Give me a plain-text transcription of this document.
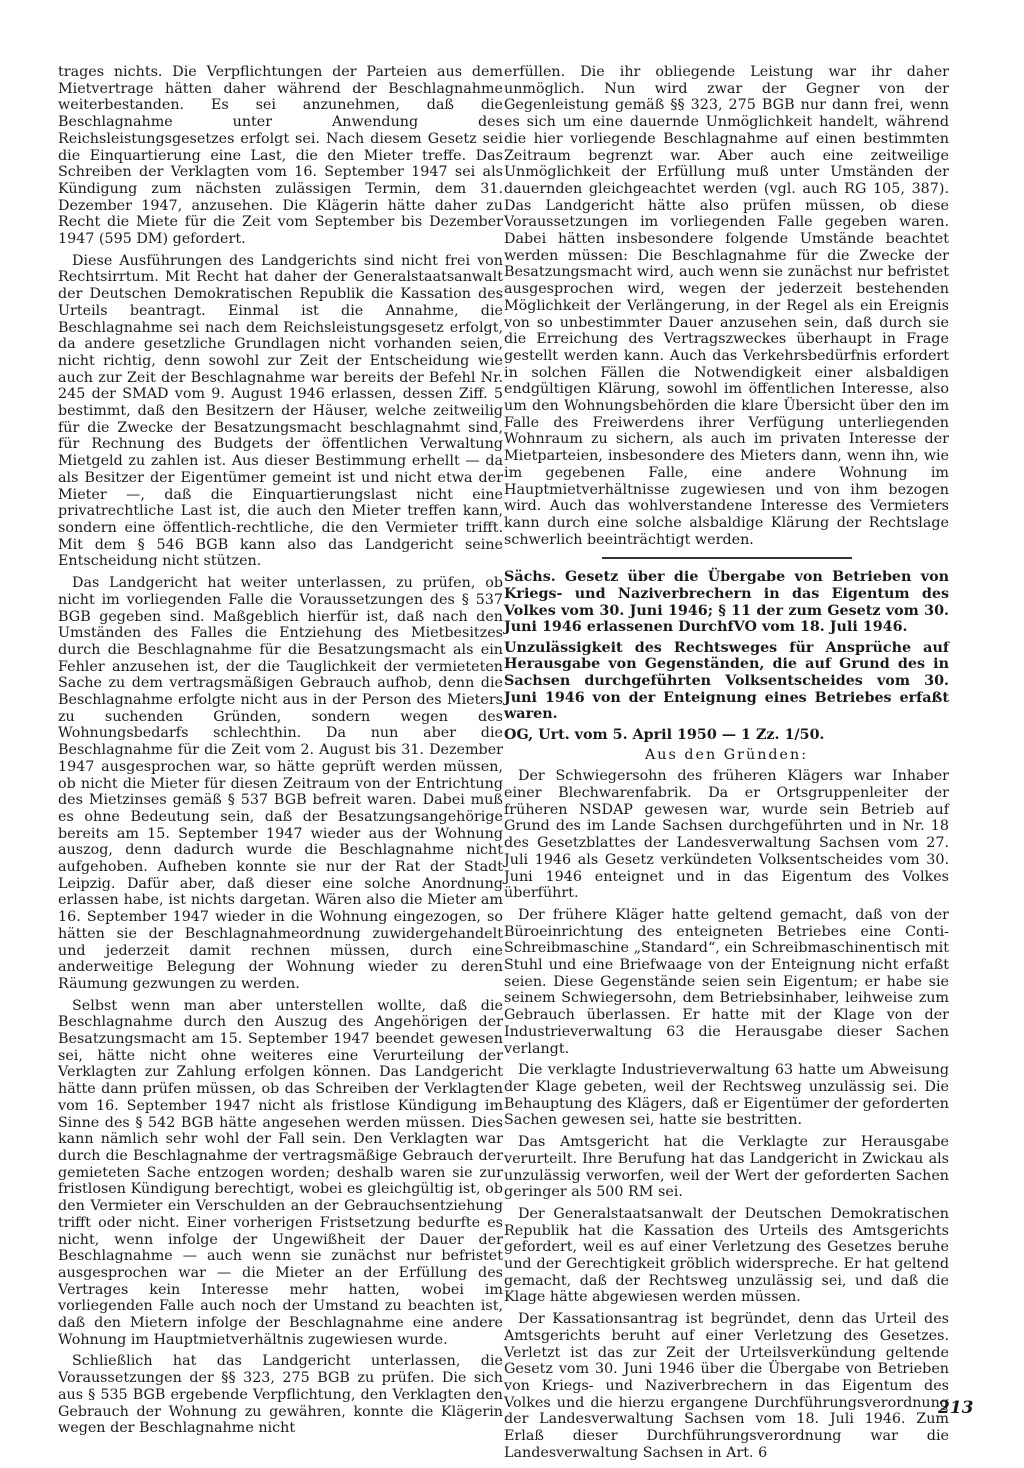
trages nichts. Die Verpflichtungen der Parteien aus dem Mietvertrage hätten daher während der Beschlagnahme weiterbestanden. Es sei anzunehmen, daß die Beschlagnahme unter Anwendung des Reichsleistungsgesetzes erfolgt sei. Nach diesem Gesetz sei die Einquartierung eine Last, die den Mieter treffe. Das Schreiben der Verklagten vom 16. September 1947 sei als Kündigung zum nächsten zulässigen Termin, dem 31. Dezember 1947, anzusehen. Die Klägerin hätte daher zu Recht die Miete für die Zeit vom September bis Dezember 1947 (595 DM) gefordert.

Diese Ausführungen des Landgerichts sind nicht frei von Rechtsirrtum. Mit Recht hat daher der Generalstaatsanwalt der Deutschen Demokratischen Republik die Kassation des Urteils beantragt. Einmal ist die Annahme, die Beschlagnahme sei nach dem Reichsleistungsgesetz erfolgt, da andere gesetzliche Grundlagen nicht vorhanden seien, nicht richtig, denn sowohl zur Zeit der Entscheidung wie auch zur Zeit der Beschlagnahme war bereits der Befehl Nr. 245 der SMAD vom 9. August 1946 erlassen, dessen Ziff. 5 bestimmt, daß den Besitzern der Häuser, welche zeitweilig für die Zwecke der Besatzungsmacht beschlagnahmt sind, für Rechnung des Budgets der öffentlichen Verwaltung Mietgeld zu zahlen ist. Aus dieser Bestimmung erhellt — da als Besitzer der Eigentümer gemeint ist und nicht etwa der Mieter —, daß die Einquartierungslast nicht eine privatrechtliche Last ist, die auch den Mieter treffen kann, sondern eine öffentlich-rechtliche, die den Vermieter trifft. Mit dem § 546 BGB kann also das Landgericht seine Entscheidung nicht stützen.

Das Landgericht hat weiter unterlassen, zu prüfen, ob nicht im vorliegenden Falle die Voraussetzungen des § 537 BGB gegeben sind. Maßgeblich hierfür ist, daß nach den Umständen des Falles die Entziehung des Mietbesitzes durch die Beschlagnahme für die Besatzungsmacht als ein Fehler anzusehen ist, der die Tauglichkeit der vermieteten Sache zu dem vertragsmäßigen Gebrauch aufhob, denn die Beschlagnahme erfolgte nicht aus in der Person des Mieters zu suchenden Gründen, sondern wegen des Wohnungsbedarfs schlechthin. Da nun aber die Beschlagnahme für die Zeit vom 2. August bis 31. Dezember 1947 ausgesprochen war, so hätte geprüft werden müssen, ob nicht die Mieter für diesen Zeitraum von der Entrichtung des Mietzinses gemäß § 537 BGB befreit waren. Dabei muß es ohne Bedeutung sein, daß der Besatzungsangehörige bereits am 15. September 1947 wieder aus der Wohnung auszog, denn dadurch wurde die Beschlagnahme nicht aufgehoben. Aufheben konnte sie nur der Rat der Stadt Leipzig. Dafür aber, daß dieser eine solche Anordnung erlassen habe, ist nichts dargetan. Wären also die Mieter am 16. September 1947 wieder in die Wohnung eingezogen, so hätten sie der Beschlagnahmeordnung zuwidergehandelt und jederzeit damit rechnen müssen, durch eine anderweitige Belegung der Wohnung wieder zu deren Räumung gezwungen zu werden.

Selbst wenn man aber unterstellen wollte, daß die Beschlagnahme durch den Auszug des Angehörigen der Besatzungsmacht am 15. September 1947 beendet gewesen sei, hätte nicht ohne weiteres eine Verurteilung der Verklagten zur Zahlung erfolgen können. Das Landgericht hätte dann prüfen müssen, ob das Schreiben der Verklagten vom 16. September 1947 nicht als fristlose Kündigung im Sinne des § 542 BGB hätte angesehen werden müssen. Dies kann nämlich sehr wohl der Fall sein. Den Verklagten war durch die Beschlagnahme der vertragsmäßige Gebrauch der gemieteten Sache entzogen worden; deshalb waren sie zur fristlosen Kündigung berechtigt, wobei es gleichgültig ist, ob den Vermieter ein Verschulden an der Gebrauchsentziehung trifft oder nicht. Einer vorherigen Fristsetzung bedurfte es nicht, wenn infolge der Ungewißheit der Dauer der Beschlagnahme — auch wenn sie zunächst nur befristet ausgesprochen war — die Mieter an der Erfüllung des Vertrages kein Interesse mehr hatten, wobei im vorliegenden Falle auch noch der Umstand zu beachten ist, daß den Mietern infolge der Beschlagnahme eine andere Wohnung im Hauptmietverhältnis zugewiesen wurde.

Schließlich hat das Landgericht unterlassen, die Voraussetzungen der §§ 323, 275 BGB zu prüfen. Die sich aus § 535 BGB ergebende Verpflichtung, den Verklagten den Gebrauch der Wohnung zu gewähren, konnte die Klägerin wegen der Beschlagnahme nicht

erfüllen. Die ihr obliegende Leistung war ihr daher unmöglich. Nun wird zwar der Gegner von der Gegenleistung gemäß §§ 323, 275 BGB nur dann frei, wenn es sich um eine dauernde Unmöglichkeit handelt, während die hier vorliegende Beschlagnahme auf einen bestimmten Zeitraum begrenzt war. Aber auch eine zeitweilige Unmöglichkeit der Erfüllung muß unter Umständen der dauernden gleichgeachtet werden (vgl. auch RG 105, 387). Das Landgericht hätte also prüfen müssen, ob diese Voraussetzungen im vorliegenden Falle gegeben waren. Dabei hätten insbesondere folgende Umstände beachtet werden müssen: Die Beschlagnahme für die Zwecke der Besatzungsmacht wird, auch wenn sie zunächst nur befristet ausgesprochen wird, wegen der jederzeit bestehenden Möglichkeit der Verlängerung, in der Regel als ein Ereignis von so unbestimmter Dauer anzusehen sein, daß durch sie die Erreichung des Vertragszweckes überhaupt in Frage gestellt werden kann. Auch das Verkehrsbedürfnis erfordert in solchen Fällen die Notwendigkeit einer alsbaldigen endgültigen Klärung, sowohl im öffentlichen Interesse, also um den Wohnungsbehörden die klare Übersicht über den im Falle des Freiwerdens ihrer Verfügung unterliegenden Wohnraum zu sichern, als auch im privaten Interesse der Mietparteien, insbesondere des Mieters dann, wenn ihn, wie im gegebenen Falle, eine andere Wohnung im Hauptmietverhältnisse zugewiesen und von ihm bezogen wird. Auch das wohlverstandene Interesse des Vermieters kann durch eine solche alsbaldige Klärung der Rechtslage schwerlich beeinträchtigt werden.

Sächs. Gesetz über die Übergabe von Betrieben von Kriegs- und Naziverbrechern in das Eigentum des Volkes vom 30. Juni 1946; § 11 der zum Gesetz vom 30. Juni 1946 erlassenen DurchfVO vom 18. Juli 1946.

Unzulässigkeit des Rechtsweges für Ansprüche auf Herausgabe von Gegenständen, die auf Grund des in Sachsen durchgeführten Volksentscheides vom 30. Juni 1946 von der Enteignung eines Betriebes erfaßt waren.

OG, Urt. vom 5. April 1950 — 1 Zz. 1/50.

Aus den Gründen:

Der Schwiegersohn des früheren Klägers war Inhaber einer Blechwarenfabrik. Da er Ortsgruppenleiter der früheren NSDAP gewesen war, wurde sein Betrieb auf Grund des im Lande Sachsen durchgeführten und in Nr. 18 des Gesetzblattes der Landesverwaltung Sachsen vom 27. Juli 1946 als Gesetz verkündeten Volksentscheides vom 30. Juni 1946 enteignet und in das Eigentum des Volkes überführt.

Der frühere Kläger hatte geltend gemacht, daß von der Büroeinrichtung des enteigneten Betriebes eine Conti-Schreibmaschine „Standard“, ein Schreibmaschinentisch mit Stuhl und eine Briefwaage von der Enteignung nicht erfaßt seien. Diese Gegenstände seien sein Eigentum; er habe sie seinem Schwiegersohn, dem Betriebsinhaber, leihweise zum Gebrauch überlassen. Er hatte mit der Klage von der Industrieverwaltung 63 die Herausgabe dieser Sachen verlangt.

Die verklagte Industrieverwaltung 63 hatte um Abweisung der Klage gebeten, weil der Rechtsweg unzulässig sei. Die Behauptung des Klägers, daß er Eigentümer der geforderten Sachen gewesen sei, hatte sie bestritten.

Das Amtsgericht hat die Verklagte zur Herausgabe verurteilt. Ihre Berufung hat das Landgericht in Zwickau als unzulässig verworfen, weil der Wert der geforderten Sachen geringer als 500 RM sei.

Der Generalstaatsanwalt der Deutschen Demokratischen Republik hat die Kassation des Urteils des Amtsgerichts gefordert, weil es auf einer Verletzung des Gesetzes beruhe und der Gerechtigkeit gröblich widerspreche. Er hat geltend gemacht, daß der Rechtsweg unzulässig sei, und daß die Klage hätte abgewiesen werden müssen.

Der Kassationsantrag ist begründet, denn das Urteil des Amtsgerichts beruht auf einer Verletzung des Gesetzes. Verletzt ist das zur Zeit der Urteilsverkündung geltende Gesetz vom 30. Juni 1946 über die Übergabe von Betrieben von Kriegs- und Naziverbrechern in das Eigentum des Volkes und die hierzu ergangene Durchführungsverordnung der Landesverwaltung Sachsen vom 18. Juli 1946. Zum Erlaß dieser Durchführungsverordnung war die Landesverwaltung Sachsen in Art. 6

213
